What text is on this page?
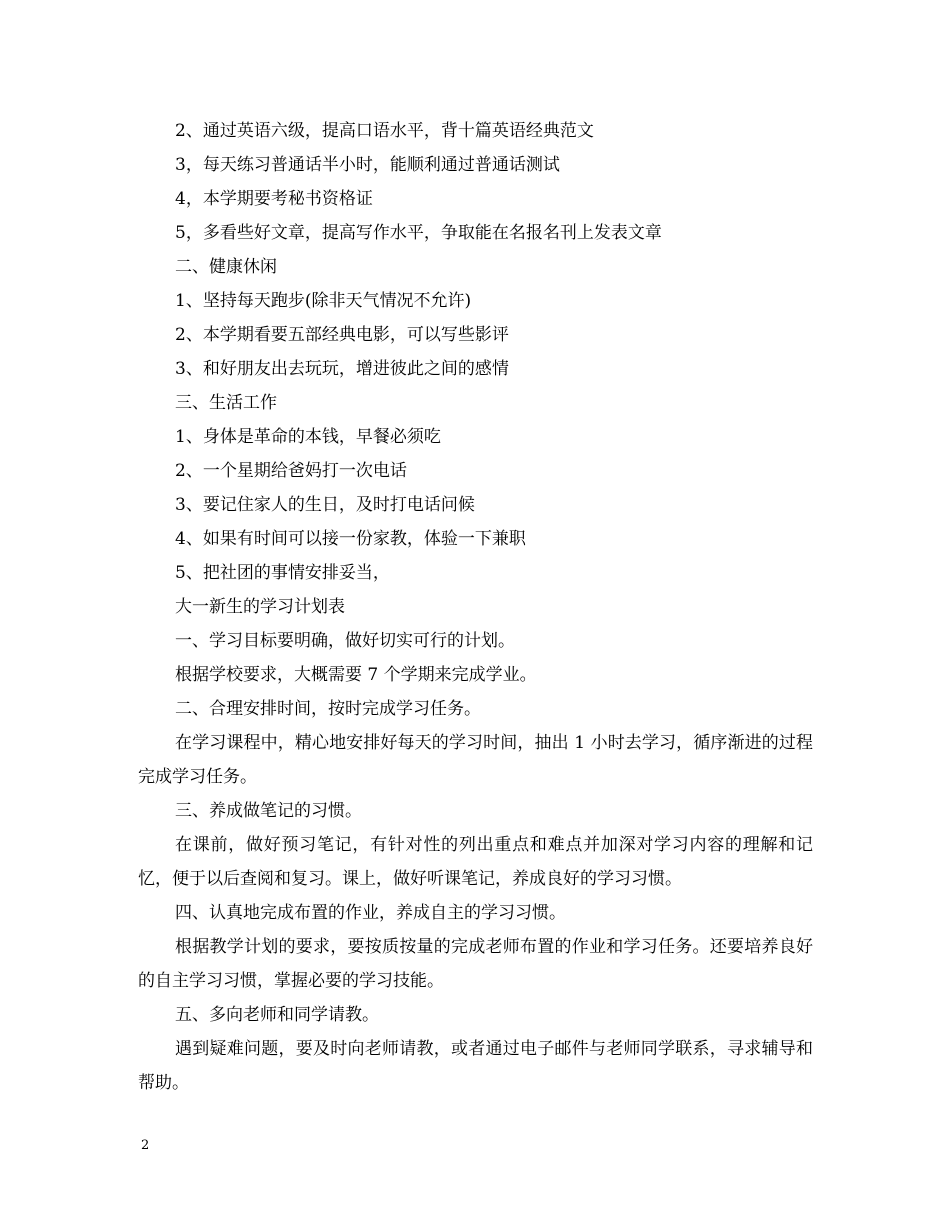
2、通过英语六级，提高口语水平，背十篇英语经典范文

3，每天练习普通话半小时，能顺利通过普通话测试

4，本学期要考秘书资格证

5，多看些好文章，提高写作水平，争取能在名报名刊上发表文章

二、健康休闲

1、坚持每天跑步(除非天气情况不允许)

2、本学期看要五部经典电影，可以写些影评

3、和好朋友出去玩玩，增进彼此之间的感情

三、生活工作

1、身体是革命的本钱，早餐必须吃

2、一个星期给爸妈打一次电话

3、要记住家人的生日，及时打电话问候

4、如果有时间可以接一份家教，体验一下兼职

5、把社团的事情安排妥当，

大一新生的学习计划表

一、学习目标要明确，做好切实可行的计划。

根据学校要求，大概需要 7 个学期来完成学业。

二、合理安排时间，按时完成学习任务。

在学习课程中，精心地安排好每天的学习时间，抽出 1 小时去学习，循序渐进的过程完成学习任务。

三、养成做笔记的习惯。

在课前，做好预习笔记，有针对性的列出重点和难点并加深对学习内容的理解和记忆，便于以后查阅和复习。课上，做好听课笔记，养成良好的学习习惯。

四、认真地完成布置的作业，养成自主的学习习惯。

根据教学计划的要求，要按质按量的完成老师布置的作业和学习任务。还要培养良好的自主学习习惯，掌握必要的学习技能。

五、多向老师和同学请教。

遇到疑难问题，要及时向老师请教，或者通过电子邮件与老师同学联系，寻求辅导和帮助。

2
